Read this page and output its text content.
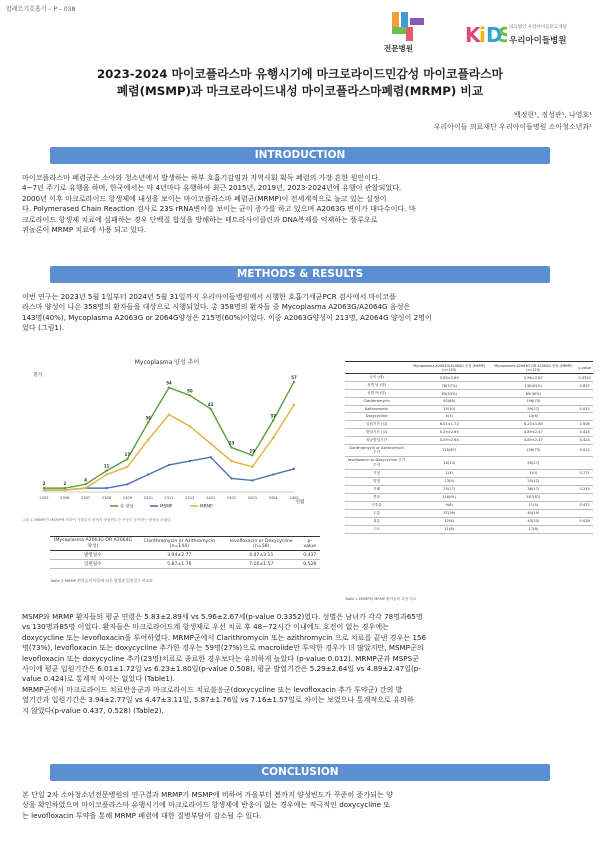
알레르기호흡기 – P – 038
전문병원
K
i D
S
의료법인 우리아이들의료재단
우리아이들병원
2023-2024 마이코플라스마 유행시기에 마크로라이드민감성 마이코플라스마
폐렴(MSMP)과 마크로라이드내성 마이코플라스마폐렴(MRMP) 비교
백정현¹, 정성관¹, 나영호¹
우리아이들 의료재단 우리아이들병원 소아청소년과¹
INTRODUCTION
마이코플라스마 폐렴군은 소아와 청소년에서 발생하는 하부 호흡기감염과 지역사회 획득 폐렴의 가장 흔한 원인이다.
4~7년 주기로 유행을 하며, 한국에서는 약 4년마다 유행하여 최근 2015년, 2019년, 2023-2024년에 유행이 관찰되었다.
2000년 이후 마크로라이드 항생제에 내성을 보이는 마이코플라스마 폐렴균(MRMP)이 전세계적으로 늘고 있는 실정이
다. Polymerased Chain Reaction 검사로 23S rRNA변이를 보이는 균이 증가를 하고 있으며 A2063G 변이가 대다수이다. 마
크로라이드 항생제 치료에 실패하는 경우 단백질 합성을 방해하는 테트라사이클린과 DNA복제를 억제하는 플루오로
퀴놀론이 MRMP 치료에 사용 되고 있다.
METHODS & RESULTS
이번 연구는 2023년 5월 1일부터 2024년 5월 31일까지 우리아이들병원에서 시행한 호흡기세균PCR 검사에서 마이코플
라스마 양성이 나온 358명의 환자들을 대상으로 시행되었다. 총 358명의 환자들 중 Mycoplasma A2063G/A2064G 음성은
143명(40%), Mycoplasma A2063G or 2064G양성은 215명(60%)이었다. 이중 A2063G양성이 213명, A2064G 양성이 2명이
었다 (그림1).
Mycoplasma 양성 추이
환자
연월
2305	2306	2307	2308	2309	2310	2311	2312	2401	2402	2403	2404	2405
2	2
4
11
17
36
54
50
43
23
19
37
57
총 양성	MSMP	MRMP
그림 1. MRMP가 MSMP에 비하여 가을부터 봄까지 양성빈도가 꾸준히 증가하는 양상을 보였다.
(Mycoplasma A2063G OR A2064G 양성)	Clarithromycin or Azithromycin (n=144)	levofloxacin or Doxycycline (n=58)	p-value
발열일수	3.94±2.77	4.47±3.11	0.437
입원일수	5.87±1.76	7.16±1.57	0.528
Table 2 MRMP 환자들의 약물에 따른 발열과 입원일수 비교표
	Mycoplasma A2063G/A2064G 음성 (MSMP) (n=143)	Mycoplasma A2063G OR A2064G 양성 (MRMP) (n=215)	p-value
나이 (세)	5.83±2.89	5.96±2.67	0.3352
성별 남 (명)	78(57%)	130(61%)	0.697
성별 여 (명)	65(43%)	85(40%)	
Clarithromycin	92(64)	156(73)	
Azithromycin	15(10)	59(27)	0.012
Doxycycline	4(3)	13(6)	
입원기간 (일)	6.01±1.72	6.23±1.80	0.508
발열기간 (일)	5.29±2.64	4.89±2.47	0.424
평균발열기간	5.29±2.64	4.89±2.47	0.424
Clarithromycin or Azithromycin 투약	125(87)	156(73)	0.012
levofloxacin or Doxycycline 추가 투약	18(13)	59(27)	
기침	1(4)	1(0)	0.771
발열	13(9)	25(12)	
가래	25(17)	36(17)	0.245
콧물	116(81)	187(87)	
인후통	9(6)	11(5)	0.472
두통	37(26)	40(19)	
복통	12(8)	43(20)	0.028
구토	11(8)	17(8)	
Table 1 MSMP와 MRMP 환자들의 특성 비교
MSMP와 MRMP 환자들의 평균 연령은 5.83±2.89세 vs 5.96±2.67세(p-value 0.3352)였다. 성별은 남녀가 각각 78명과65명
vs 130명과85명 이었다. 환자들은 마크로라이드계 항생제로 우선 치료 후 48~72시간 이내에도 호전이 없는 경우에는
doxycycline 또는 levofloxacin을 투여하였다. MRMP군에서 Clarithromycin 또는 azithromycin 으로 치료를 끝낸 경우는 156
명(73%), levofloxacin 또는 doxycycline 추가한 경우는 59명(27%)으로 macrolide만 투약한 경우가 더 많았지만, MSMP군의
levofloxacin 또는 doxycycline 추가(23명)치료로 종료한 경우보다는 유의하게 높았다 (p-value 0.012). MRMP군과 MSPS군
사이에 평균 입원기간은 6.01±1.72일 vs 6.23±1.80일(p-value 0.508), 평균 발열기간은 5.29±2.64일 vs 4.89±2.47일(p-
value 0.424)로 통계적 차이는 없었다 (Table1).
MRMP군에서 마크로라이드 치료반응군과 마크로라이드 치료불응군(doxycycline 또는 levofloxacin 추가 투약군) 간의 발
열기간과 입원기간은 3.94±2.77일 vs 4.47±3.11일, 5.87±1.76일 vs 7.16±1.57일로 차이는 보였으나 통계적으로 유의하
지 않았다(p-value 0.437, 0.528) (Table2).
CONCLUSION
본 단일 2차 소아청소년전문병원의 연구결과 MRMP가 MSMP에 비하여 가을부터 봄까지 양성빈도가 꾸준히 증가되는 양
상을 확인하였으며 마이코플라스마 유행시기에 마크로라이드 항생제에 반응이 없는 경우에는 적극적인 doxycycline 또
는 levofloxacin 투약을 통해 MRMP 폐렴에 대한 질병부담이 감소될 수 있다.
